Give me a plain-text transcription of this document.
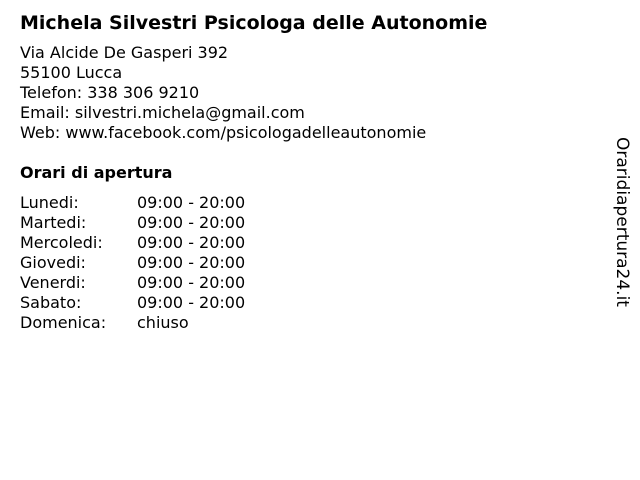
Michela Silvestri Psicologa delle Autonomie
Via Alcide De Gasperi 392
55100 Lucca
Telefon: 338 306 9210
Email: silvestri.michela@gmail.com
Web: www.facebook.com/psicologadelleautonomie
Orari di apertura
Lunedi:	09:00 - 20:00
Martedi:	09:00 - 20:00
Mercoledi: 09:00 - 20:00
Giovedi:	09:00 - 20:00
Venerdi:	09:00 - 20:00
Sabato:	09:00 - 20:00
Domenica: chiuso
Oraridiapertura24.it
